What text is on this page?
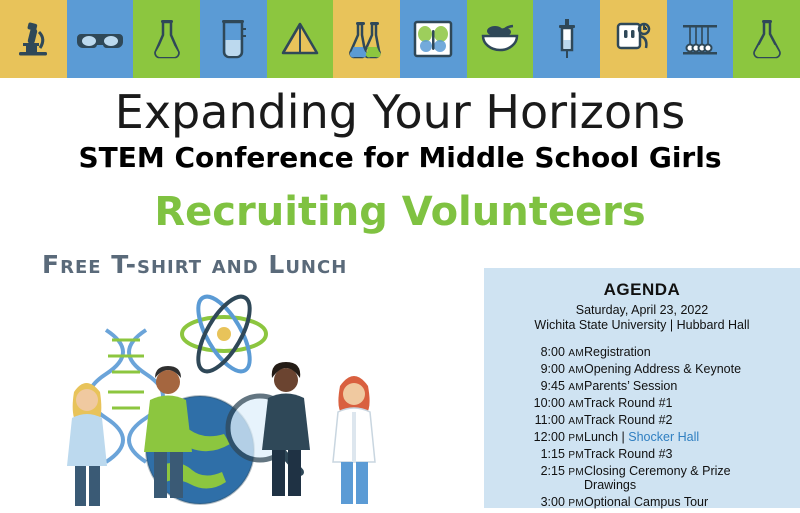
Expanding Your Horizons
STEM Conference for Middle School Girls
Recruiting Volunteers
Free T-shirt and Lunch
AGENDA
Saturday, April 23, 2022
Wichita State University | Hubbard Hall
8:00 AM	Registration
9:00 AM	Opening Address & Keynote
9:45 AM	Parents’ Session
10:00 AM	Track Round #1
11:00 AM	Track Round #2
12:00 PM	Lunch | Shocker Hall
1:15 PM	Track Round #3
2:15 PM	Closing Ceremony & Prize Drawings
3:00 PM	Optional Campus Tour
